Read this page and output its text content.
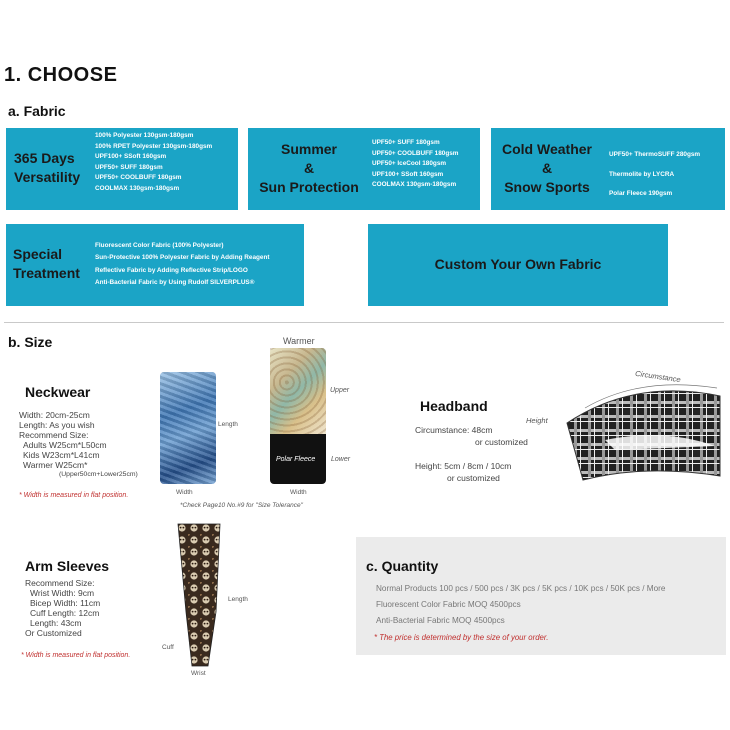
1. CHOOSE
a. Fabric
365 Days
Versatility
100% Polyester 130gsm-180gsm
100% RPET Polyester 130gsm-180gsm
UPF100+ SSoft 160gsm
UPF50+ SUFF 180gsm
UPF50+ COOLBUFF 180gsm
COOLMAX 130gsm-180gsm
Summer
&
Sun Protection
UPF50+ SUFF 180gsm
UPF50+ COOLBUFF 180gsm
UPF50+ IceCool 180gsm
UPF100+ SSoft 160gsm
COOLMAX 130gsm-180gsm
Cold Weather
&
Snow Sports
UPF50+ ThermoSUFF 280gsm
Thermolite by LYCRA
Polar Fleece 190gsm
Special
Treatment
Fluorescent Color Fabric (100% Polyester)
Sun-Protective 100% Polyester Fabric by Adding Reagent
Reflective Fabric by Adding Reflective Strip/LOGO
Anti-Bacterial Fabric by Using Rudolf SILVERPLUS®
Custom Your Own Fabric
b. Size
Neckwear
Width: 20cm-25cm
Length: As you wish
Recommend Size:
Adults W25cm*L50cm
Kids W23cm*L41cm
Warmer W25cm*
(Upper50cm+Lower25cm)
* Width is measured in flat position.
Length
Width
Warmer
Polar Fleece
Upper
Lower
Width
*Check Page10 No.#9 for "Size Tolerance"
Headband
Circumstance: 48cm
or customized
Height: 5cm / 8cm / 10cm
or customized
Circumstance
Height
Arm Sleeves
Recommend Size:
Wrist Width: 9cm
Bicep Width: 11cm
Cuff Length: 12cm
Length: 43cm
Or Customized
* Width is measured in flat position.
Length
Cuff
Wrist
c. Quantity
Normal Products 100 pcs / 500 pcs / 3K pcs / 5K pcs / 10K pcs / 50K pcs / More
Fluorescent Color Fabric MOQ 4500pcs
Anti-Bacterial Fabric MOQ 4500pcs
* The price is determined by the size of your order.
